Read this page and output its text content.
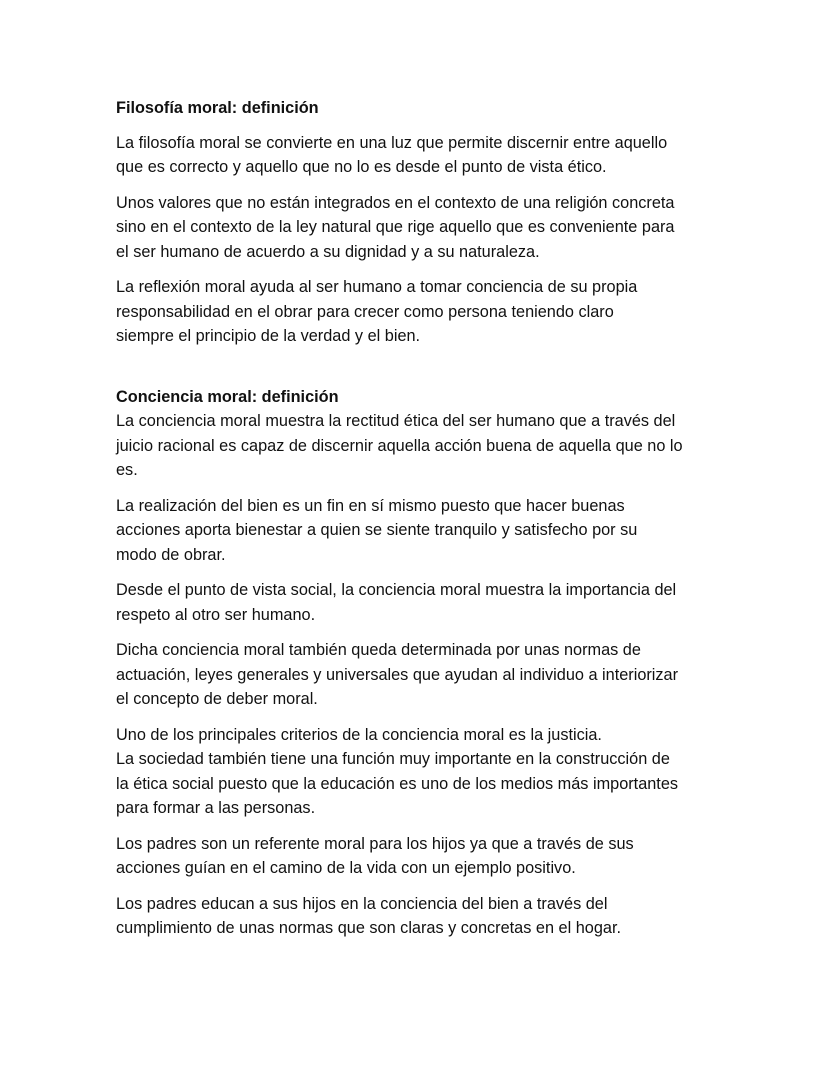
Filosofía moral: definición

La filosofía moral se convierte en una luz que permite discernir entre aquello
que es correcto y aquello que no lo es desde el punto de vista ético.

Unos valores que no están integrados en el contexto de una religión concreta
sino en el contexto de la ley natural que rige aquello que es conveniente para
el ser humano de acuerdo a su dignidad y a su naturaleza.

La reflexión moral ayuda al ser humano a tomar conciencia de su propia
responsabilidad en el obrar para crecer como persona teniendo claro
siempre el principio de la verdad y el bien.

Conciencia moral: definición

La conciencia moral muestra la rectitud ética del ser humano que a través del
juicio racional es capaz de discernir aquella acción buena de aquella que no lo
es.

La realización del bien es un fin en sí mismo puesto que hacer buenas
acciones aporta bienestar a quien se siente tranquilo y satisfecho por su
modo de obrar.

Desde el punto de vista social, la conciencia moral muestra la importancia del
respeto al otro ser humano.

Dicha conciencia moral también queda determinada por unas normas de
actuación, leyes generales y universales que ayudan al individuo a interiorizar
el concepto de deber moral.

Uno de los principales criterios de la conciencia moral es la justicia.
La sociedad también tiene una función muy importante en la construcción de
la ética social puesto que la educación es uno de los medios más importantes
para formar a las personas.

Los padres son un referente moral para los hijos ya que a través de sus
acciones guían en el camino de la vida con un ejemplo positivo.

Los padres educan a sus hijos en la conciencia del bien a través del
cumplimiento de unas normas que son claras y concretas en el hogar.
